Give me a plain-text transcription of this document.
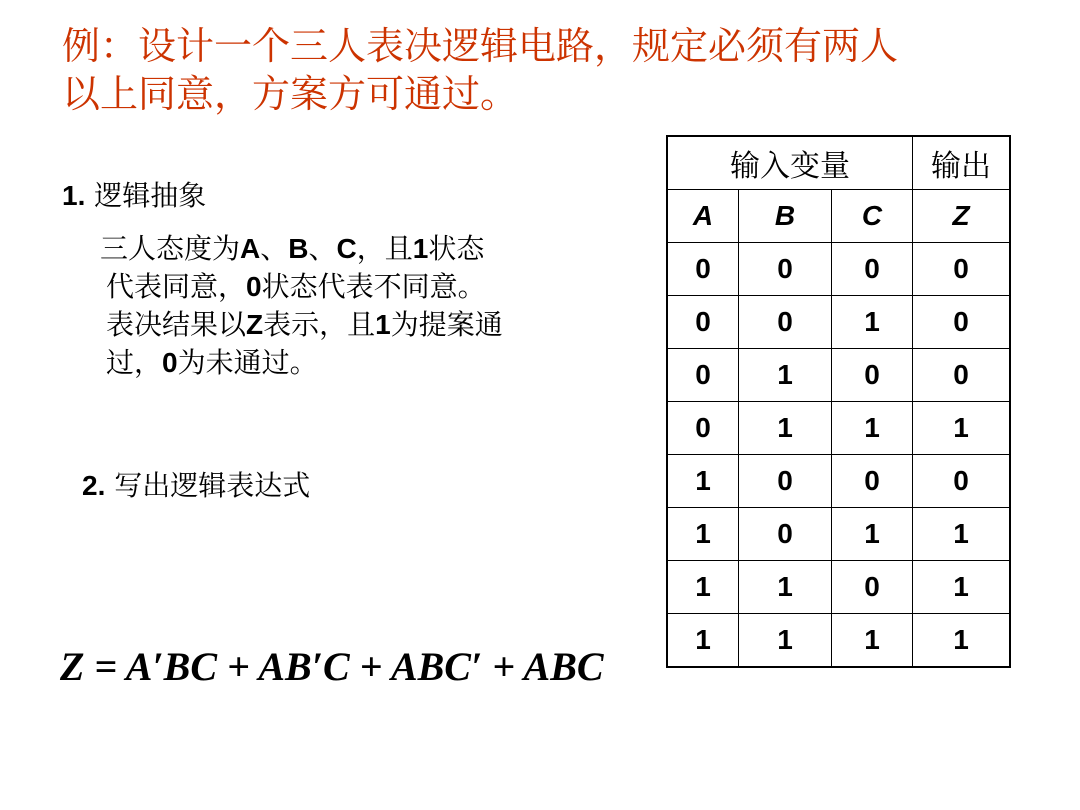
例：设计一个三人表决逻辑电路，规定必须有两人
以上同意，方案方可通过。
1. 逻辑抽象
三人态度为A、B、C，且1状态
代表同意，0状态代表不同意。
表决结果以Z表示，且1为提案通
过，0为未通过。
2. 写出逻辑表达式
Z = A′BC + AB′C + ABC′ + ABC
输入变量			输出
A	B	C	Z
0	0	0	0
0	0	1	0
0	1	0	0
0	1	1	1
1	0	0	0
1	0	1	1
1	1	0	1
1	1	1	1
